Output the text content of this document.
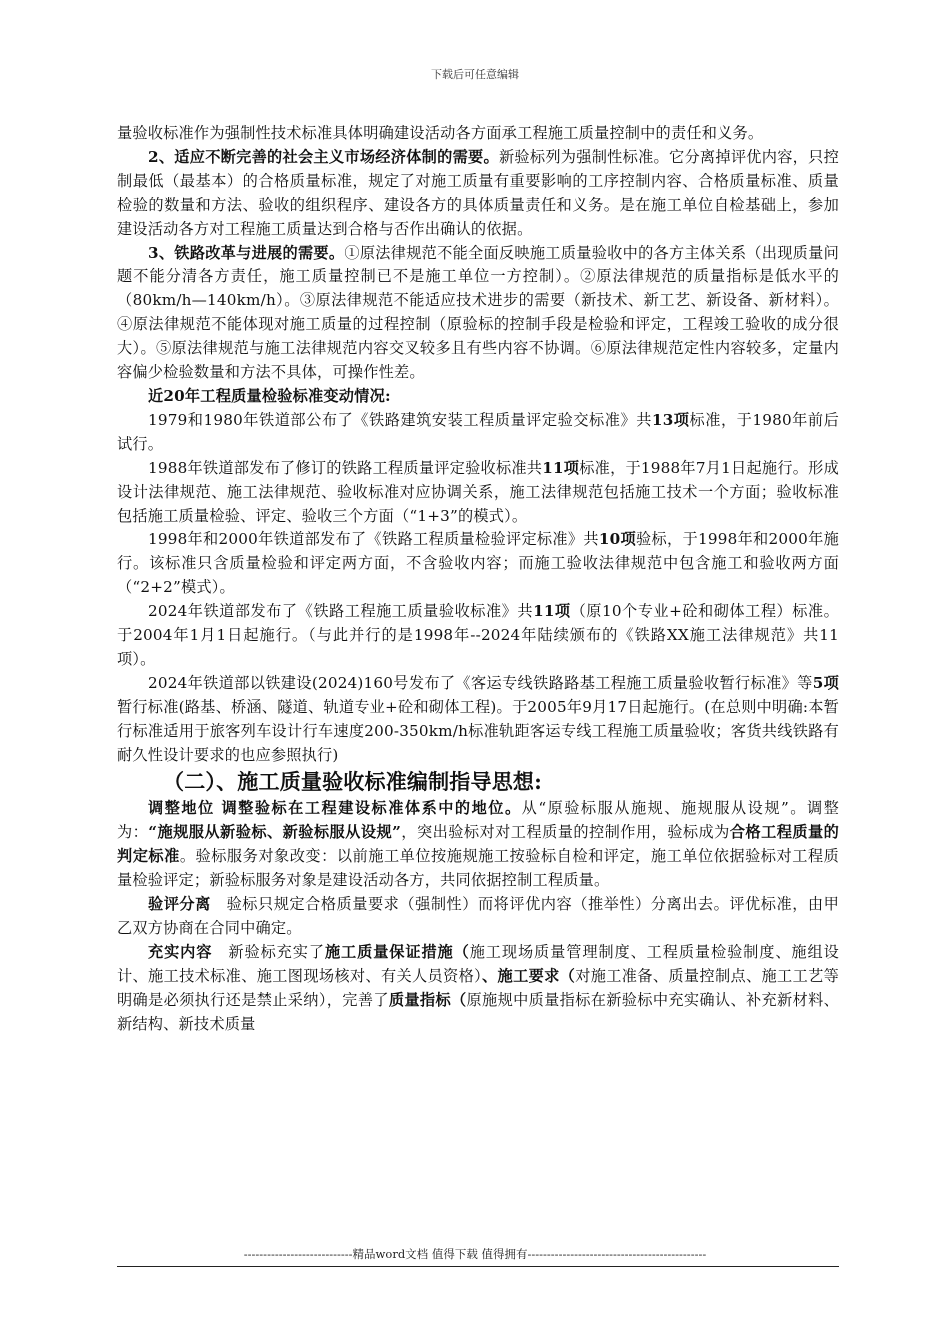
下载后可任意编辑

量验收标准作为强制性技术标准具体明确建设活动各方面承工程施工质量控制中的责任和义务。

2、适应不断完善的社会主义市场经济体制的需要。新验标列为强制性标准。它分离掉评优内容，只控制最低（最基本）的合格质量标准，规定了对施工质量有重要影响的工序控制内容、合格质量标准、质量检验的数量和方法、验收的组织程序、建设各方的具体质量责任和义务。是在施工单位自检基础上，参加建设活动各方对工程施工质量达到合格与否作出确认的依据。

3、铁路改革与进展的需要。①原法律规范不能全面反映施工质量验收中的各方主体关系（出现质量问题不能分清各方责任，施工质量控制已不是施工单位一方控制）。②原法律规范的质量指标是低水平的（80km/h—140km/h）。③原法律规范不能适应技术进步的需要（新技术、新工艺、新设备、新材料）。④原法律规范不能体现对施工质量的过程控制（原验标的控制手段是检验和评定，工程竣工验收的成分很大）。⑤原法律规范与施工法律规范内容交叉较多且有些内容不协调。⑥原法律规范定性内容较多，定量内容偏少检验数量和方法不具体，可操作性差。

近20年工程质量检验标准变动情况:

1979和1980年铁道部公布了《铁路建筑安装工程质量评定验交标准》共13项标准，于1980年前后试行。

1988年铁道部发布了修订的铁路工程质量评定验收标准共11项标准，于1988年7月1日起施行。形成设计法律规范、施工法律规范、验收标准对应协调关系，施工法律规范包括施工技术一个方面；验收标准包括施工质量检验、评定、验收三个方面（“1+3”的模式）。

1998年和2000年铁道部发布了《铁路工程质量检验评定标准》共10项验标，于1998年和2000年施行。该标准只含质量检验和评定两方面，不含验收内容；而施工验收法律规范中包含施工和验收两方面（“2+2”模式）。

2024年铁道部发布了《铁路工程施工质量验收标准》共11项（原10个专业+砼和砌体工程）标准。于2004年1月1日起施行。（与此并行的是1998年--2024年陆续颁布的《铁路XX施工法律规范》共11项）。

2024年铁道部以铁建设(2024)160号发布了《客运专线铁路路基工程施工质量验收暂行标准》等5项暂行标准(路基、桥涵、隧道、轨道专业+砼和砌体工程)。于2005年9月17日起施行。(在总则中明确:本暂行标准适用于旅客列车设计行车速度200-350km/h标准轨距客运专线工程施工质量验收；客货共线铁路有耐久性设计要求的也应参照执行)

（二）、施工质量验收标准编制指导思想:

调整地位 调整验标在工程建设标准体系中的地位。从“原验标服从施规、施规服从设规”。调整为：“施规服从新验标、新验标服从设规”，突出验标对对工程质量的控制作用，验标成为合格工程质量的判定标准。验标服务对象改变：以前施工单位按施规施工按验标自检和评定，施工单位依据验标对工程质量检验评定；新验标服务对象是建设活动各方，共同依据控制工程质量。

验评分离　验标只规定合格质量要求（强制性）而将评优内容（推举性）分离出去。评优标准，由甲乙双方协商在合同中确定。

充实内容　新验标充实了施工质量保证措施（施工现场质量管理制度、工程质量检验制度、施组设计、施工技术标准、施工图现场核对、有关人员资格）、施工要求（对施工准备、质量控制点、施工工艺等明确是必须执行还是禁止采纳），完善了质量指标（原施规中质量指标在新验标中充实确认、补充新材料、新结构、新技术质量

----------------------------精品word文档 值得下载 值得拥有----------------------------------------------
